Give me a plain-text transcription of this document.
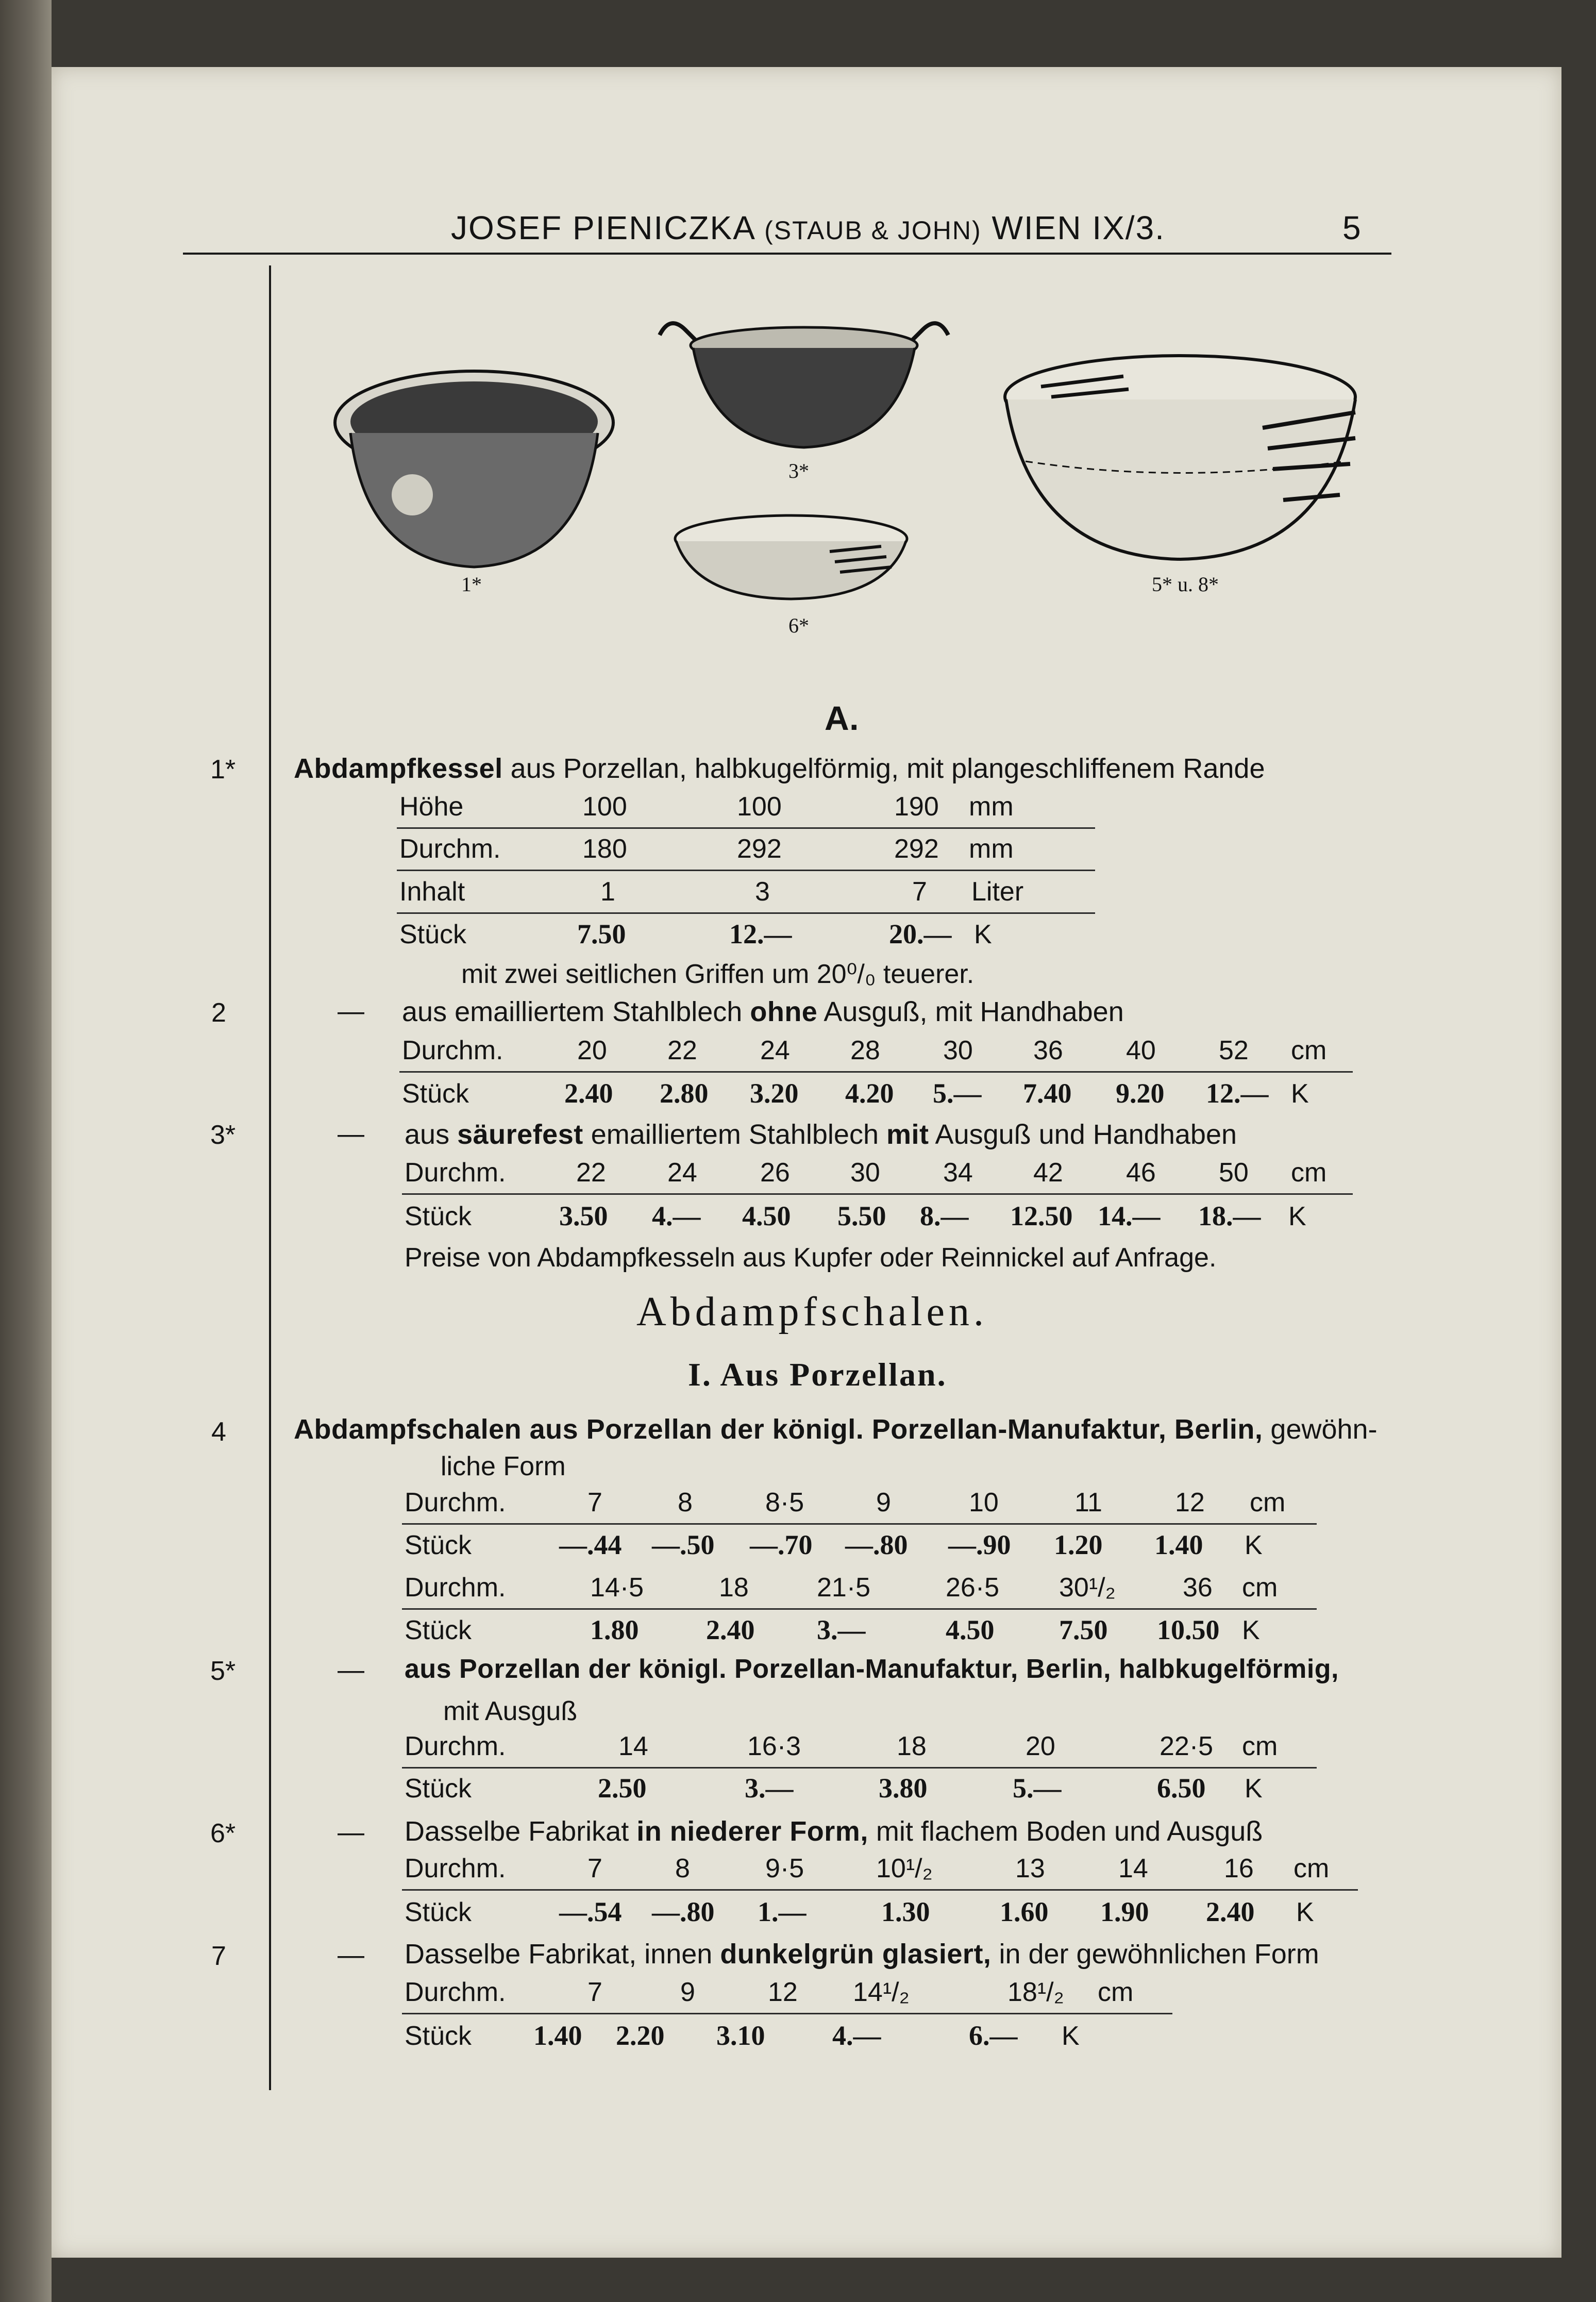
JOSEF PIENICZKA (STAUB & JOHN) WIEN IX/3.	5
1*
3*
6*
5* u. 8*
A.
1* Abdampfkessel aus Porzellan, halbkugelförmig, mit plangeschliffenem Rande
Höhe	100	100	190 mm
Durchm.	180	292	292 mm
Inhalt	1	3	7 Liter
Stück	7.50	12.—	20.— K
mit zwei seitlichen Griffen um 20⁰/₀ teuerer.
2	— aus emailliertem Stahlblech ohne Ausguß, mit Handhaben
Durchm.	20 22 24 28 30 36 40 52 cm
Stück	2.40 2.80 3.20 4.20 5.— 7.40 9.20 12.— K
3*	— aus säurefest emailliertem Stahlblech mit Ausguß und Handhaben
Durchm.	22 24 26 30 34 42 46 50 cm
Stück	3.50 4.— 4.50 5.50 8.— 12.50 14.— 18.— K
Preise von Abdampfkesseln aus Kupfer oder Reinnickel auf Anfrage.
Abdampfschalen.
I. Aus Porzellan.
4 Abdampfschalen aus Porzellan der königl. Porzellan-Manufaktur, Berlin, gewöhn-
liche Form
Durchm.	7	8	8·5	9	10	11	12 cm
Stück	—.44 —.50 —.70 —.80 —.90 1.20 1.40 K
Durchm.	14·5	18	21·5	26·5 30¹/₂	36 cm
Stück	1.80 2.40 3.—	4.50 7.50 10.50 K
5*	— aus Porzellan der königl. Porzellan-Manufaktur, Berlin, halbkugelförmig,
mit Ausguß
Durchm.	14	16·3	18	20	22·5 cm
Stück	2.50	3.—	3.80	5.—	6.50 K
6*	— Dasselbe Fabrikat in niederer Form, mit flachem Boden und Ausguß
Durchm.	7	8	9·5	10¹/₂	13	14	16 cm
Stück	—.54 —.80 1.—	1.30	1.60 1.90 2.40 K
7	— Dasselbe Fabrikat, innen dunkelgrün glasiert, in der gewöhnlichen Form
Durchm.	7	9	12 14¹/₂	18¹/₂ cm
Stück 1.40 2.20 3.10 4.—	6.— K
